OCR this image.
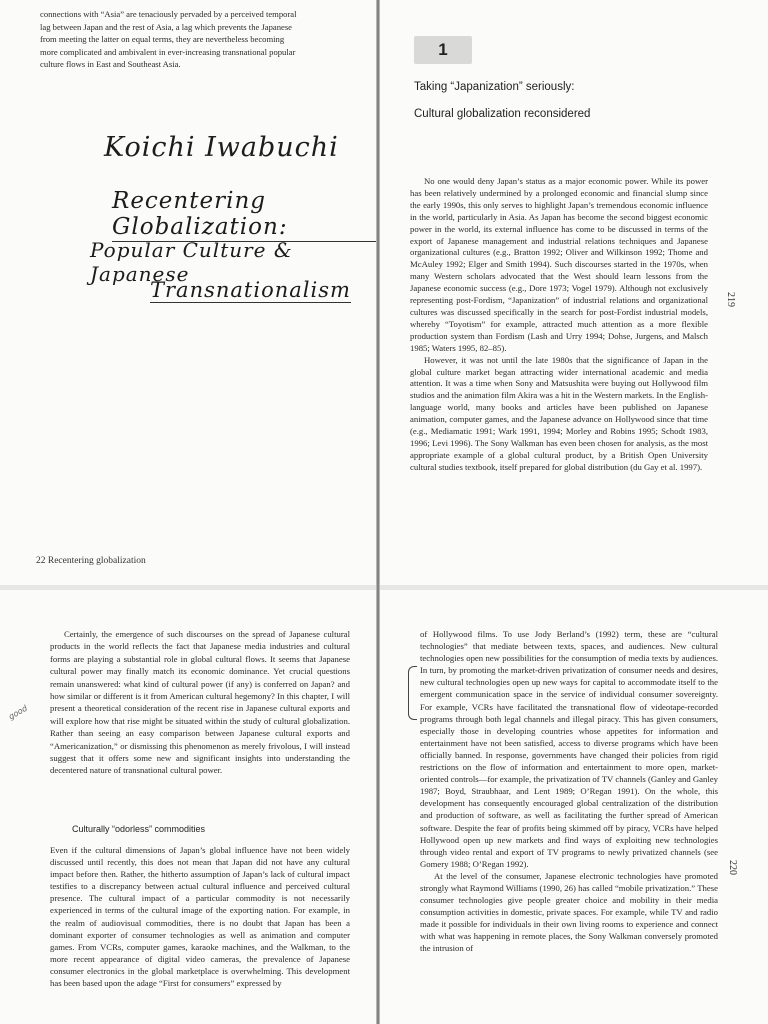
connections with “Asia” are tenaciously pervaded by a perceived temporal
lag between Japan and the rest of Asia, a lag which prevents the Japanese
from meeting the latter on equal terms, they are nevertheless becoming
more complicated and ambivalent in ever-increasing transnational popular
culture flows in East and Southeast Asia.
Koichi Iwabuchi
Recentering Globalization:
Popular Culture & Japanese
Transnationalism
22 Recentering globalization
1
Taking “Japanization” seriously:
Cultural globalization reconsidered

No one would deny Japan’s status as a major economic power. While its power has been relatively undermined by a prolonged economic and financial slump since the early 1990s, this only serves to highlight Japan’s tremendous economic influence in the world, particularly in Asia. As Japan has become the second biggest economic power in the world, its external influence has come to be discussed in terms of the export of Japanese management and industrial relations techniques and Japanese organizational cultures (e.g., Bratton 1992; Oliver and Wilkinson 1992; Thome and McAuley 1992; Elger and Smith 1994). Such discourses started in the 1970s, when many Western scholars advocated that the West should learn lessons from the Japanese economic success (e.g., Dore 1973; Vogel 1979). Although not exclusively representing post-Fordism, “Japanization” of industrial relations and organizational cultures was discussed specifically in the search for post-Fordist industrial models, whereby “Toyotism” for example, attracted much attention as a more flexible production system than Fordism (Lash and Urry 1994; Dohse, Jurgens, and Malsch 1985; Waters 1995, 82–85).

However, it was not until the late 1980s that the significance of Japan in the global culture market began attracting wider international academic and media attention. It was a time when Sony and Matsushita were buying out Hollywood film studios and the animation film Akira was a hit in the Western markets. In the English-language world, many books and articles have been published on Japanese animation, computer games, and the Japanese advance on Hollywood since that time (e.g., Mediamatic 1991; Wark 1991, 1994; Morley and Robins 1995; Schodt 1983, 1996; Levi 1996). The Sony Walkman has even been chosen for analysis, as the most appropriate example of a global cultural product, by a British Open University cultural studies textbook, itself prepared for global distribution (du Gay et al. 1997).

219

Certainly, the emergence of such discourses on the spread of Japanese cultural products in the world reflects the fact that Japanese media industries and cultural forms are playing a substantial role in global cultural flows. It seems that Japanese cultural power may finally match its economic dominance. Yet crucial questions remain unanswered: what kind of cultural power (if any) is conferred on Japan? and how similar or different is it from American cultural hegemony? In this chapter, I will present a theoretical consideration of the recent rise in Japanese cultural exports and will explore how that rise might be situated within the study of cultural globalization. Rather than seeing an easy comparison between Japanese cultural exports and “Americanization,” or dismissing this phenomenon as merely frivolous, I will instead suggest that it offers some new and significant insights into understanding the decentered nature of transnational cultural power.

good
Culturally “odorless” commodities

Even if the cultural dimensions of Japan’s global influence have not been widely discussed until recently, this does not mean that Japan did not have any cultural impact before then. Rather, the hitherto assumption of Japan’s lack of cultural impact testifies to a discrepancy between actual cultural influence and perceived cultural presence. The cultural impact of a particular commodity is not necessarily experienced in terms of the cultural image of the exporting nation. For example, in the realm of audiovisual commodities, there is no doubt that Japan has been a dominant exporter of consumer technologies as well as animation and computer games. From VCRs, computer games, karaoke machines, and the Walkman, to the more recent appearance of digital video cameras, the prevalence of Japanese consumer electronics in the global marketplace is overwhelming. This development has been based upon the adage “First for consumers” expressed by

of Hollywood films. To use Jody Berland’s (1992) term, these are “cultural technologies” that mediate between texts, spaces, and audiences. New cultural technologies open new possibilities for the consumption of media texts by audiences. In turn, by promoting the market-driven privatization of consumer needs and desires, new cultural technologies open up new ways for capital to accommodate itself to the emergent communication space in the service of individual consumer sovereignty. For example, VCRs have facilitated the transnational flow of videotape-recorded programs through both legal channels and illegal piracy. This has given consumers, especially those in developing countries whose appetites for information and entertainment have not been satisfied, access to diverse programs which have been officially banned. In response, governments have changed their policies from rigid restrictions on the flow of information and entertainment to more open, market-oriented controls—for example, the privatization of TV channels (Ganley and Ganley 1987; Boyd, Straubhaar, and Lent 1989; O’Regan 1991). On the whole, this development has consequently encouraged global centralization of the distribution and production of software, as well as facilitating the further spread of American software. Despite the fear of profits being skimmed off by piracy, VCRs have helped Hollywood open up new markets and find ways of exploiting new technologies through video rental and export of TV programs to newly privatized channels (see Gomery 1988; O’Regan 1992).

At the level of the consumer, Japanese electronic technologies have promoted strongly what Raymond Williams (1990, 26) has called “mobile privatization.” These consumer technologies give people greater choice and mobility in their media consumption activities in domestic, private spaces. For example, while TV and radio made it possible for individuals in their own living rooms to experience and connect with what was happening in remote places, the Sony Walkman conversely promoted the intrusion of

220
